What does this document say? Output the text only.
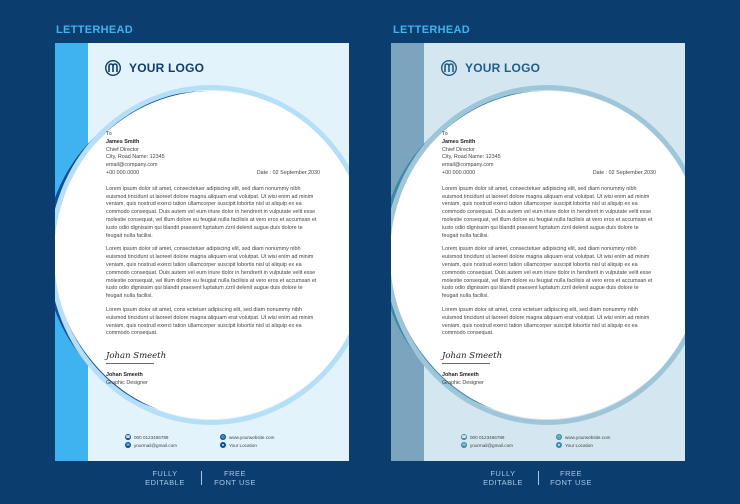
LETTERHEAD
YOUR LOGO
To
James Smith
Chief Director
City, Road Name: 12345
email@company.com
+00 000.0000	Date : 02 September 2030

Lorem ipsum dolor sit amet, consectetuer adipiscing elit, sed diam nonummy nibh euismod tincidunt ut laoreet dolore magna aliquam erat volutpat. Ut wisi enim ad minim veniam, quis nostrud exerci tation ullamcorper suscipit lobortis nisl ut aliquip ex ea commodo consequat. Duis autem vel eum iriure dolor in hendrerit in vulputate velit esse molestie consequat, vel illum dolore eu feugiat nulla facilisis at vero eros et accumsan et iusto odio dignissim qui blandit praesent luptatum zzril delenit augue duis dolore te feugait nulla facilisi.

Lorem ipsum dolor sit amet, consectetuer adipiscing elit, sed diam nonummy nibh euismod tincidunt ut laoreet dolore magna aliquam erat volutpat. Ut wisi enim ad minim veniam, quis nostrud exerci tation ullamcorper suscipit lobortis nisl ut aliquip ex ea commodo consequat. Duis autem vel eum iriure dolor in hendrerit in vulputate velit esse molestie consequat, vel illum dolore eu feugiat nulla facilisis at vero eros et accumsan et iusto odio dignissim qui blandit praesent luptatum zzril delenit augue duis dolore te feugait nulla facilisi.

Lorem ipsum dolor sit amet, cons ectetuer adipiscing elit, sed diam nonummy nibh euismod tincidunt ut laoreet dolore magna aliquam erat volutpat. Ut wisi enim ad minim veniam, quis nostrud exerci tation ullamcorper suscipit lobortis nisl ut aliquip ex ea commodo consequat.

Johan Smeeth
Johan Smeeth
Graphic Designer
☎ 000 0123456789	◎ www.yourwebsite.com
✉ yourmail@gmail.com	●	Your Location
LETTERHEAD
YOUR LOGO
To
James Smith
Chief Director
City, Road Name: 12345
email@company.com
+00 000.0000	Date : 02 September 2030

Lorem ipsum dolor sit amet, consectetuer adipiscing elit, sed diam nonummy nibh euismod tincidunt ut laoreet dolore magna aliquam erat volutpat. Ut wisi enim ad minim veniam, quis nostrud exerci tation ullamcorper suscipit lobortis nisl ut aliquip ex ea commodo consequat. Duis autem vel eum iriure dolor in hendrerit in vulputate velit esse molestie consequat, vel illum dolore eu feugiat nulla facilisis at vero eros et accumsan et iusto odio dignissim qui blandit praesent luptatum zzril delenit augue duis dolore te feugait nulla facilisi.

Lorem ipsum dolor sit amet, consectetuer adipiscing elit, sed diam nonummy nibh euismod tincidunt ut laoreet dolore magna aliquam erat volutpat. Ut wisi enim ad minim veniam, quis nostrud exerci tation ullamcorper suscipit lobortis nisl ut aliquip ex ea commodo consequat. Duis autem vel eum iriure dolor in hendrerit in vulputate velit esse molestie consequat, vel illum dolore eu feugiat nulla facilisis at vero eros et accumsan et iusto odio dignissim qui blandit praesent luptatum zzril delenit augue duis dolore te feugait nulla facilisi.

Lorem ipsum dolor sit amet, cons ectetuer adipiscing elit, sed diam nonummy nibh euismod tincidunt ut laoreet dolore magna aliquam erat volutpat. Ut wisi enim ad minim veniam, quis nostrud exerci tation ullamcorper suscipit lobortis nisl ut aliquip ex ea commodo consequat.

Johan Smeeth
Johan Smeeth
Graphic Designer
☎ 000 0123456789	◎ www.yourwebsite.com
✉ yourmail@gmail.com	●	Your Location
FULLY
EDITABLE
FREE
FONT USE
FULLY
EDITABLE
FREE
FONT USE
